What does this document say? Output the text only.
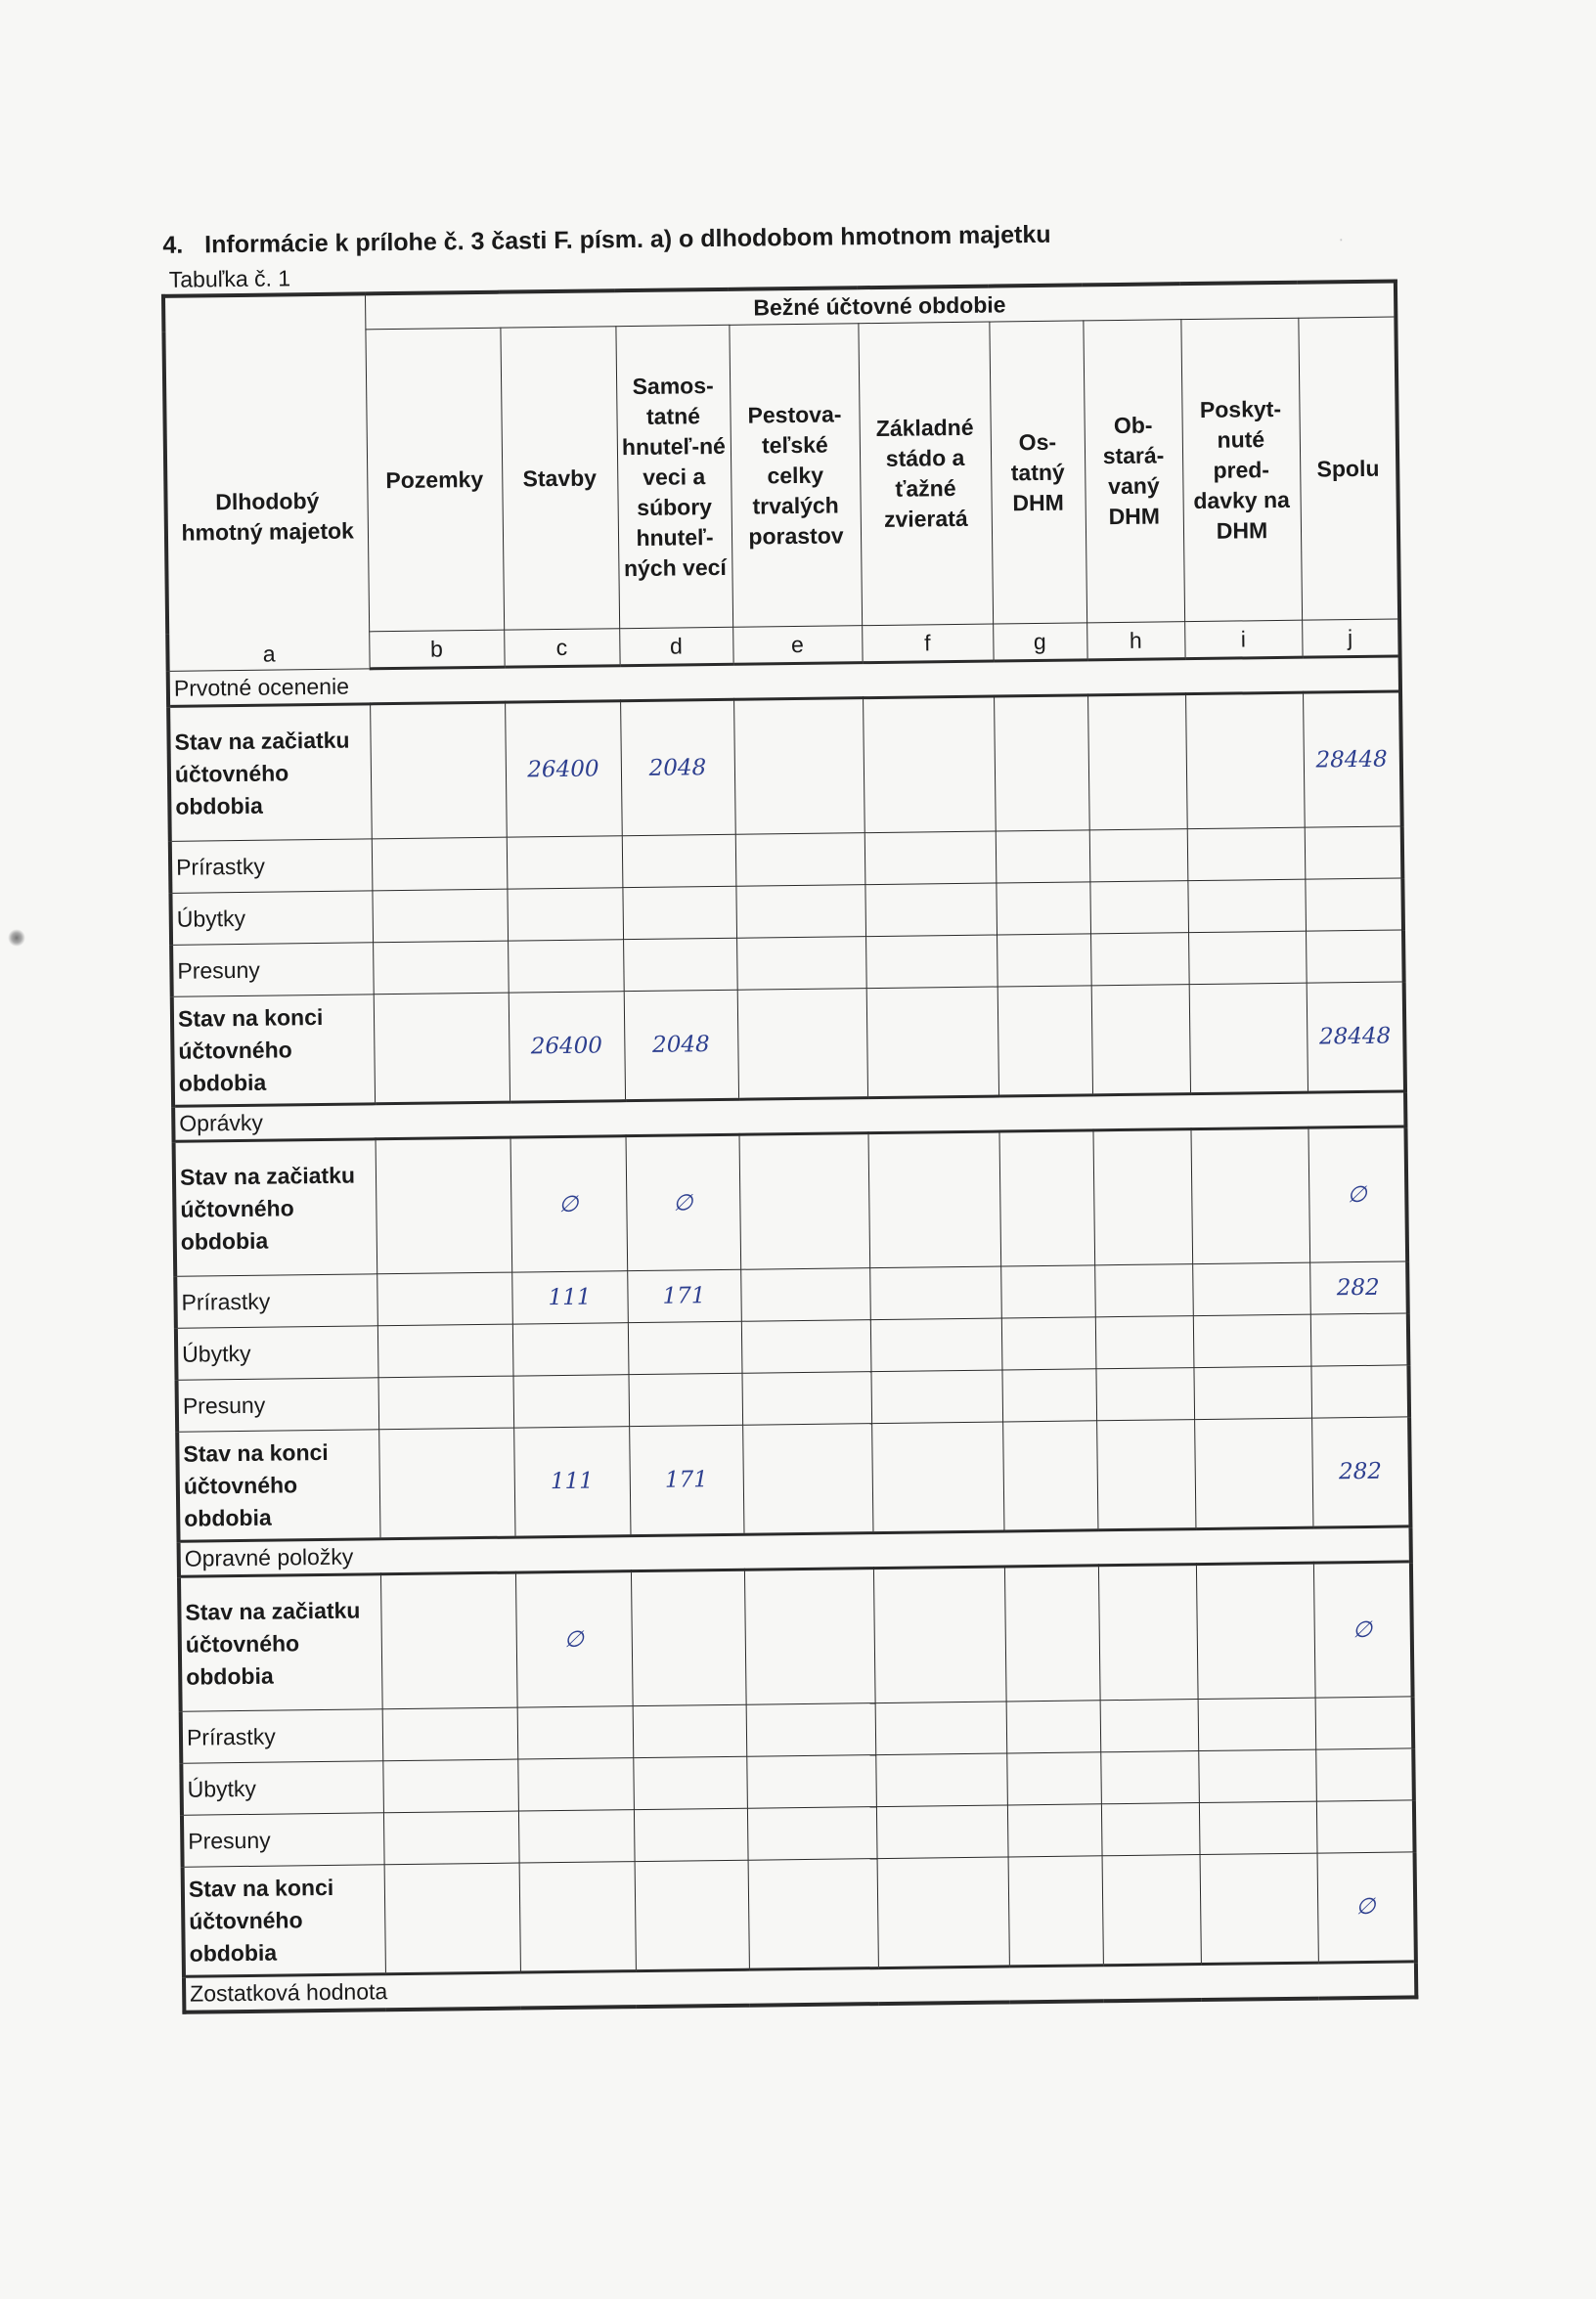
4. Informácie k prílohe č. 3 časti F. písm. a) o dlhodobom hmotnom majetku
Tabuľka č. 1
Dlhodobý hmotný majetok
a	Bežné účtovné obdobie								
	Pozemky	Stavby	Samos-tatné hnuteľ-né veci a súbory hnuteľ-ných vecí	Pestova-teľské celky trvalých porastov	Základné stádo a ťažné zvieratá	Os-tatný DHM	Ob-stará-vaný DHM	Poskyt-nuté pred-davky na DHM	Spolu
	b	c	d	e	f	g	h	i	j
Prvotné ocenenie									
Stav na začiatku účtovného obdobia		26400	2048						28448
Prírastky									
Úbytky									
Presuny									
Stav na konci účtovného obdobia		26400	2048						28448
Oprávky									
Stav na začiatku účtovného obdobia		∅	∅						∅
Prírastky		111	171						282
Úbytky									
Presuny									
Stav na konci účtovného obdobia		111	171						282
Opravné položky									
Stav na začiatku účtovného obdobia		∅							∅
Prírastky									
Úbytky									
Presuny									
Stav na konci účtovného obdobia									∅
Zostatková hodnota									
·
